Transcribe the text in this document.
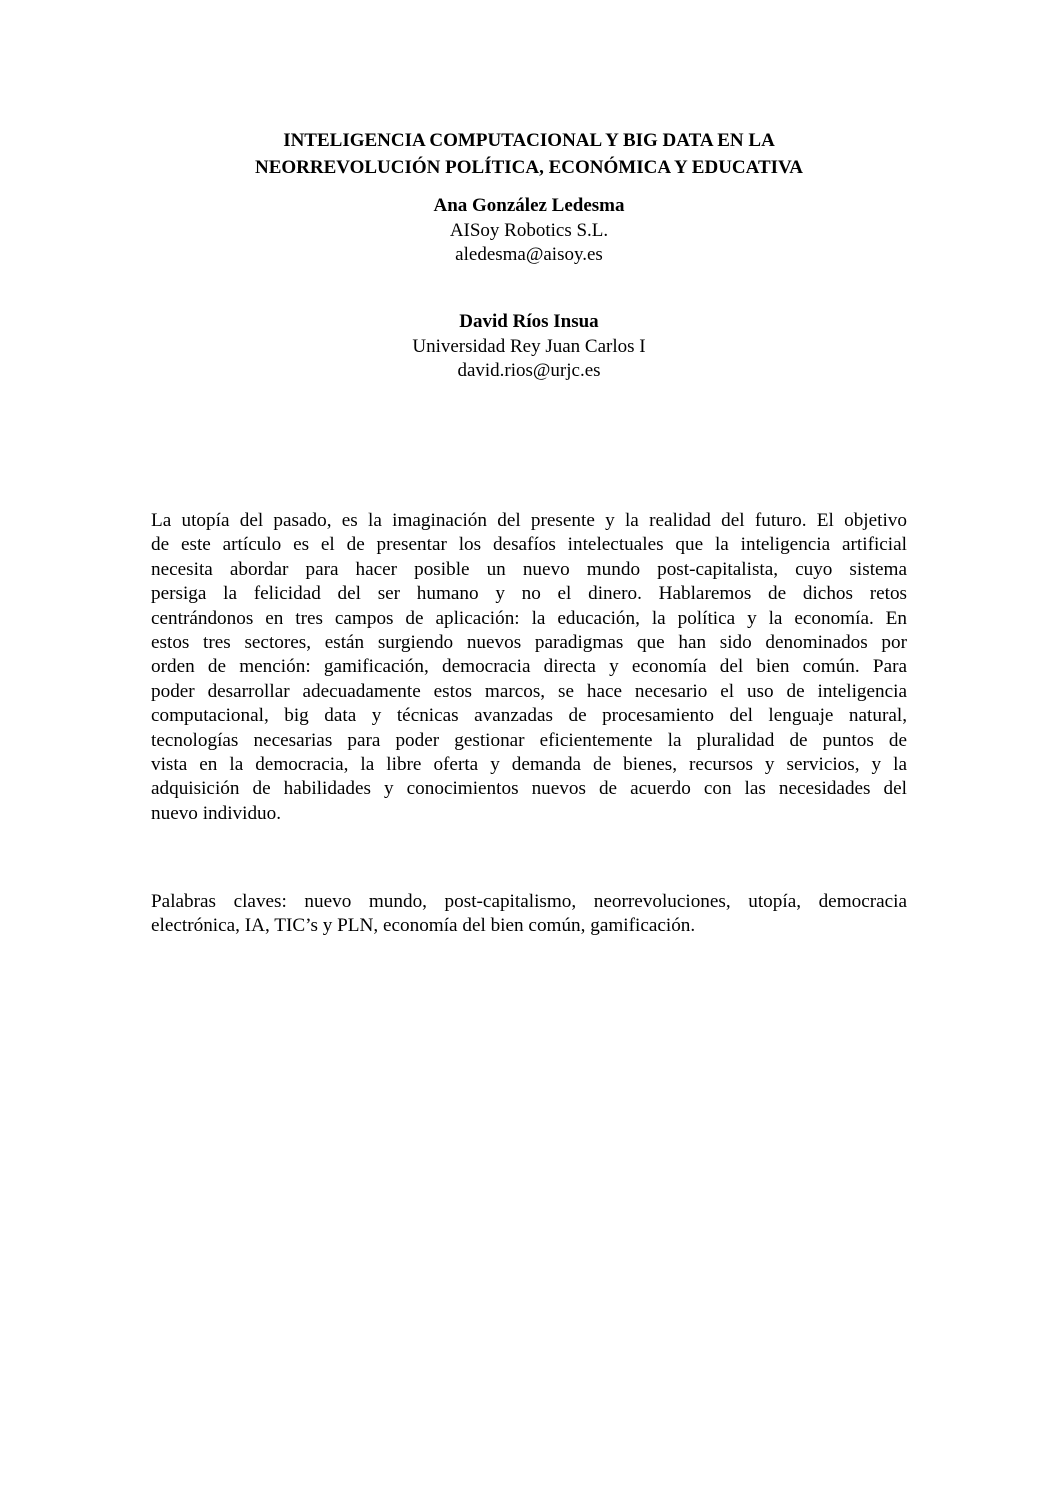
INTELIGENCIA COMPUTACIONAL Y BIG DATA EN LA
NEORREVOLUCIÓN POLÍTICA, ECONÓMICA Y EDUCATIVA
Ana González Ledesma
AISoy Robotics S.L.
aledesma@aisoy.es
David Ríos Insua
Universidad Rey Juan Carlos I
david.rios@urjc.es
La utopía del pasado, es la imaginación del presente y la realidad del futuro. El objetivo
de este artículo es el de presentar los desafíos intelectuales que la inteligencia artificial
necesita abordar para hacer posible un nuevo mundo post-capitalista, cuyo sistema
persiga la felicidad del ser humano y no el dinero. Hablaremos de dichos retos
centrándonos en tres campos de aplicación: la educación, la política y la economía. En
estos tres sectores, están surgiendo nuevos paradigmas que han sido denominados por
orden de mención: gamificación, democracia directa y economía del bien común. Para
poder desarrollar adecuadamente estos marcos, se hace necesario el uso de inteligencia
computacional, big data y técnicas avanzadas de procesamiento del lenguaje natural,
tecnologías necesarias para poder gestionar eficientemente la pluralidad de puntos de
vista en la democracia, la libre oferta y demanda de bienes, recursos y servicios, y la
adquisición de habilidades y conocimientos nuevos de acuerdo con las necesidades del
nuevo individuo.
Palabras claves: nuevo mundo, post-capitalismo, neorrevoluciones, utopía, democracia
electrónica, IA, TIC’s y PLN, economía del bien común, gamificación.
